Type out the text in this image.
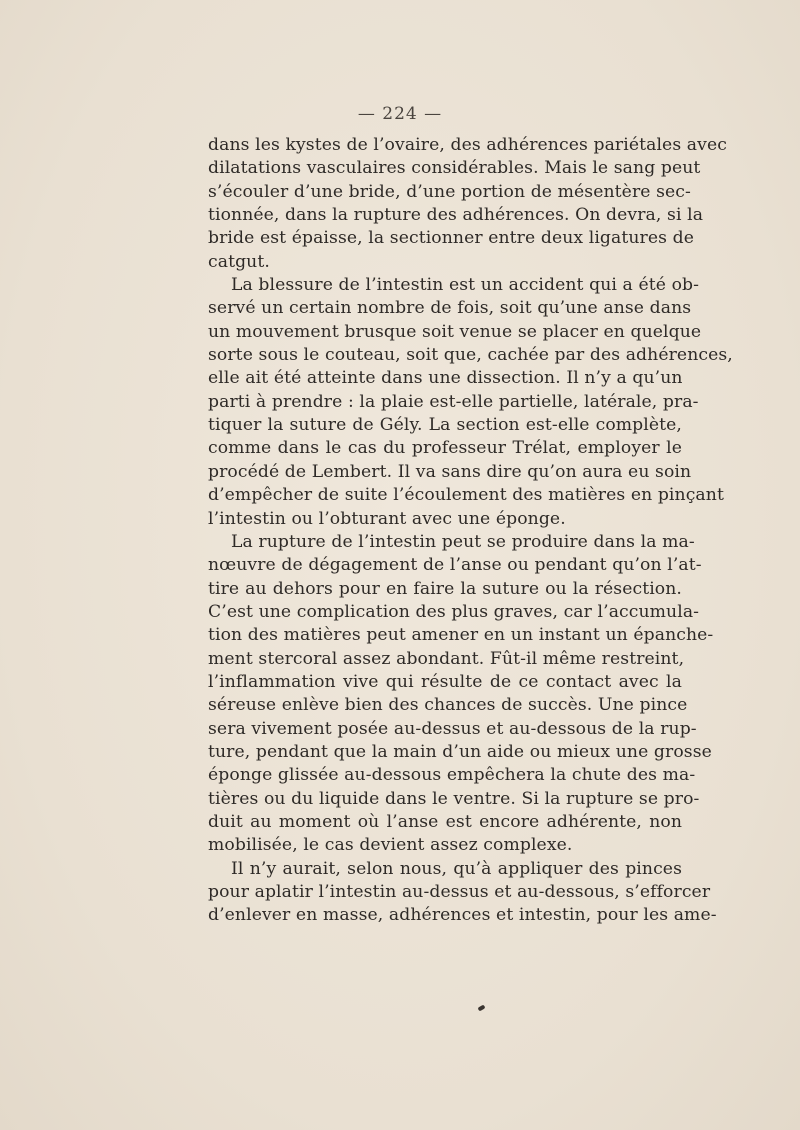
— 224 —
dans les kystes de l’ovaire, des adhérences pariétales avec
dilatations vasculaires considérables. Mais le sang peut
s’écouler d’une bride, d’une portion de mésentère sec-
tionnée, dans la rupture des adhérences. On devra, si la
bride est épaisse, la sectionner entre deux ligatures de
catgut.
La blessure de l’intestin est un accident qui a été ob-
servé un certain nombre de fois, soit qu’une anse dans
un mouvement brusque soit venue se placer en quelque
sorte sous le couteau, soit que, cachée par des adhérences,
elle ait été atteinte dans une dissection. Il n’y a qu’un
parti à prendre : la plaie est-elle partielle, latérale, pra-
tiquer la suture de Gély. La section est-elle complète,
comme dans le cas du professeur Trélat, employer le
procédé de Lembert. Il va sans dire qu’on aura eu soin
d’empêcher de suite l’écoulement des matières en pinçant
l’intestin ou l’obturant avec une éponge.
La rupture de l’intestin peut se produire dans la ma-
nœuvre de dégagement de l’anse ou pendant qu’on l’at-
tire au dehors pour en faire la suture ou la résection.
C’est une complication des plus graves, car l’accumula-
tion des matières peut amener en un instant un épanche-
ment stercoral assez abondant. Fût-il même restreint,
l’inflammation vive qui résulte de ce contact avec la
séreuse enlève bien des chances de succès. Une pince
sera vivement posée au-dessus et au-dessous de la rup-
ture, pendant que la main d’un aide ou mieux une grosse
éponge glissée au-dessous empêchera la chute des ma-
tières ou du liquide dans le ventre. Si la rupture se pro-
duit au moment où l’anse est encore adhérente, non
mobilisée, le cas devient assez complexe.
Il n’y aurait, selon nous, qu’à appliquer des pinces
pour aplatir l’intestin au-dessus et au-dessous, s’efforcer
d’enlever en masse, adhérences et intestin, pour les ame-
